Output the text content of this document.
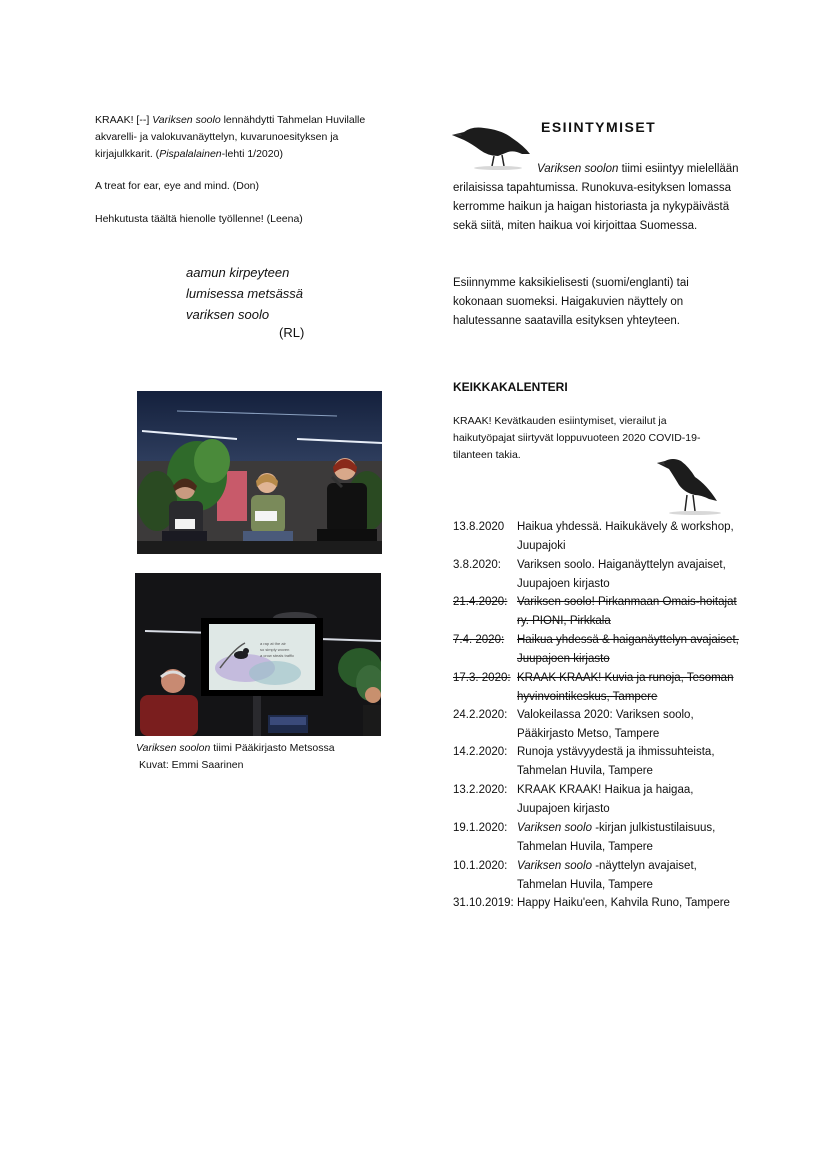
KRAAK! [--] Variksen soolo lennähdytti Tahmelan Huvilalle akvarelli- ja valokuvanäyttelyn, kuvarunoesityksen ja kirjajulkkarit. (Pispalalainen-lehti 1/2020)
A treat for ear, eye and mind. (Don)
Hehkutusta täältä hienolle työllenne! (Leena)
aamun kirpeyteen
lumisessa metsässä
variksen soolo
(RL)
a rap at the air
so simply woven
a crow steals traffic
Variksen soolon tiimi Pääkirjasto Metsossa
Kuvat: Emmi Saarinen
ESIINTYMISET
Variksen soolon tiimi esiintyy mielellään erilaisissa tapahtumissa. Runokuva-esityksen lomassa kerromme haikun ja haigan historiasta ja nykypäivästä sekä siitä, miten haikua voi kirjoittaa Suomessa.
Esiinnymme kaksikielisesti (suomi/englanti) tai kokonaan suomeksi. Haigakuvien näyttely on halutessanne saatavilla esityksen yhteyteen.
KEIKKAKALENTERI
KRAAK! Kevätkauden esiintymiset, vierailut ja haikutyöpajat siirtyvät loppuvuoteen 2020 COVID-19-tilanteen takia.
13.8.2020 Haikua yhdessä. Haikukävely & workshop, Juupajoki
3.8.2020: Variksen soolo. Haiganäyttelyn avajaiset, Juupajoen kirjasto
21.4.2020: Variksen soolo! Pirkanmaan Omais-hoitajat ry. PIONI, Pirkkala
7.4. 2020: Haikua yhdessä & haiganäyttelyn avajaiset, Juupajoen kirjasto
17.3. 2020: KRAAK KRAAK! Kuvia ja runoja, Tesoman hyvinvointikeskus, Tampere
24.2.2020: Valokeilassa 2020: Variksen soolo, Pääkirjasto Metso, Tampere
14.2.2020: Runoja ystävyydestä ja ihmissuhteista, Tahmelan Huvila, Tampere
13.2.2020: KRAAK KRAAK! Haikua ja haigaa, Juupajoen kirjasto
19.1.2020: Variksen soolo -kirjan julkistustilaisuus, Tahmelan Huvila, Tampere
10.1.2020: Variksen soolo -näyttelyn avajaiset, Tahmelan Huvila, Tampere
31.10.2019: Happy Haiku'een, Kahvila Runo, Tampere
